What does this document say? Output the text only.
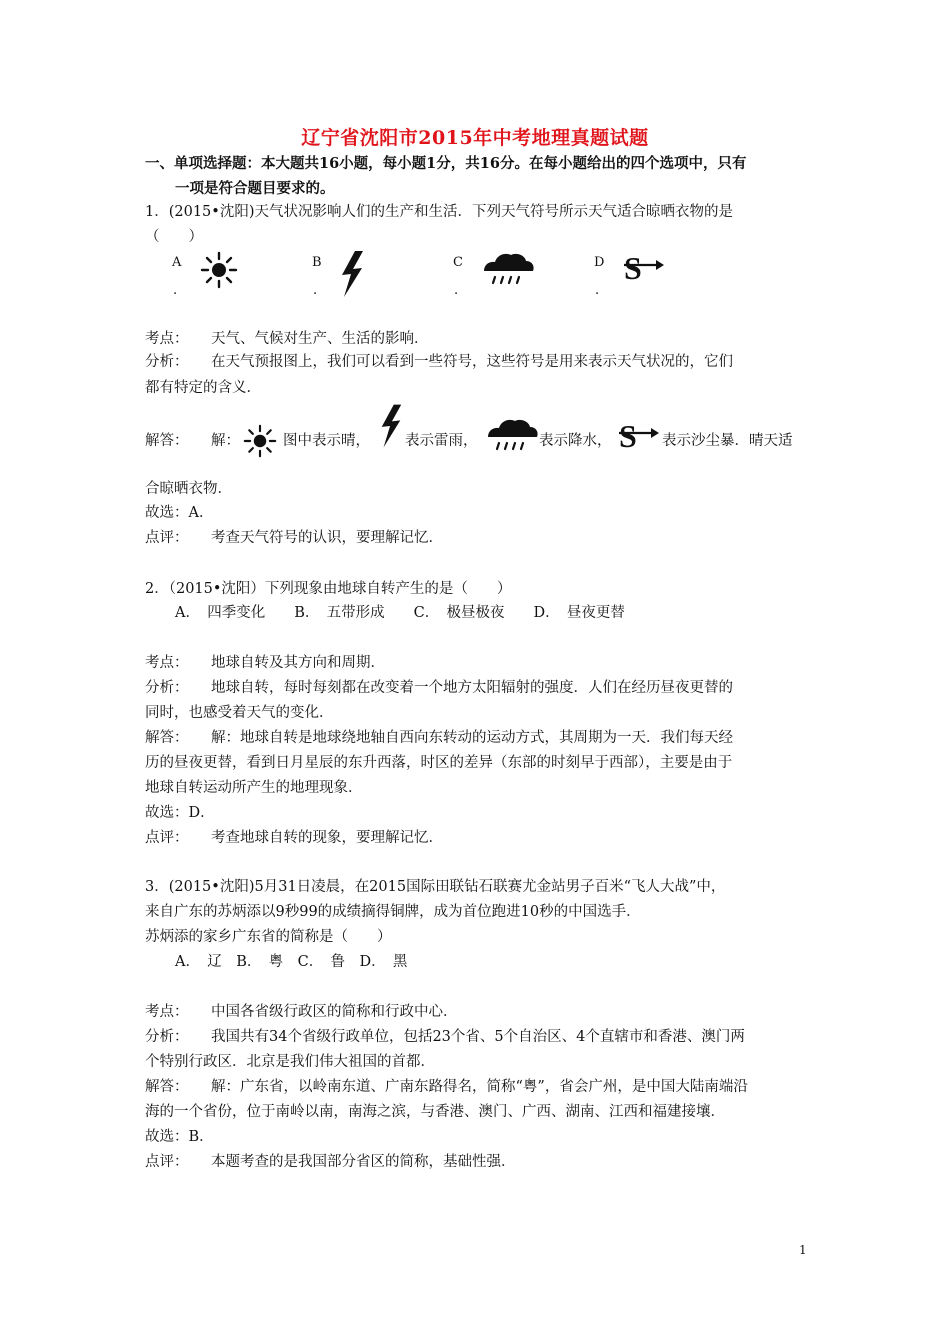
辽宁省沈阳市2015年中考地理真题试题
一、单项选择题：本大题共16小题，每小题1分，共16分。在每小题给出的四个选项中，只有
一项是符合题目要求的。
1．(2015•沈阳)天气状况影响人们的生产和生活．下列天气符号所示天气适合晾晒衣物的是
（　　）
A
.
B
.
C
.
D
.
S
考点： 天气、气候对生产、生活的影响．
分析： 在天气预报图上，我们可以看到一些符号，这些符号是用来表示天气状况的，它们
都有特定的含义．
解答： 解：	图中表示晴， 表示雷雨，	表示降水， S 表示沙尘暴．晴天适
合晾晒衣物．
故选：A．
点评： 考查天气符号的认识，要理解记忆．
2．（2015•沈阳）下列现象由地球自转产生的是（　　）
A．　四季变化　　B．　五带形成　　C．　极昼极夜　　D．　昼夜更替
考点： 地球自转及其方向和周期．
分析： 地球自转，每时每刻都在改变着一个地方太阳辐射的强度．人们在经历昼夜更替的
同时，也感受着天气的变化．
解答： 解：地球自转是地球绕地轴自西向东转动的运动方式，其周期为一天．我们每天经
历的昼夜更替，看到日月星辰的东升西落，时区的差异（东部的时刻早于西部），主要是由于
地球自转运动所产生的地理现象．
故选：D．
点评： 考查地球自转的现象，要理解记忆．
3．(2015•沈阳)5月31日凌晨，在2015国际田联钻石联赛尤金站男子百米“飞人大战”中，
来自广东的苏炳添以9秒99的成绩摘得铜牌，成为首位跑进10秒的中国选手．
苏炳添的家乡广东省的简称是（　　）
A．　辽　B．　粤　C．　鲁　D．　黑
考点： 中国各省级行政区的简称和行政中心．
分析： 我国共有34个省级行政单位，包括23个省、5个自治区、4个直辖市和香港、澳门两
个特别行政区．北京是我们伟大祖国的首都．
解答： 解：广东省，以岭南东道、广南东路得名，简称“粤”，省会广州，是中国大陆南端沿
海的一个省份，位于南岭以南，南海之滨，与香港、澳门、广西、湖南、江西和福建接壤．
故选：B．
点评： 本题考查的是我国部分省区的简称，基础性强．
1
